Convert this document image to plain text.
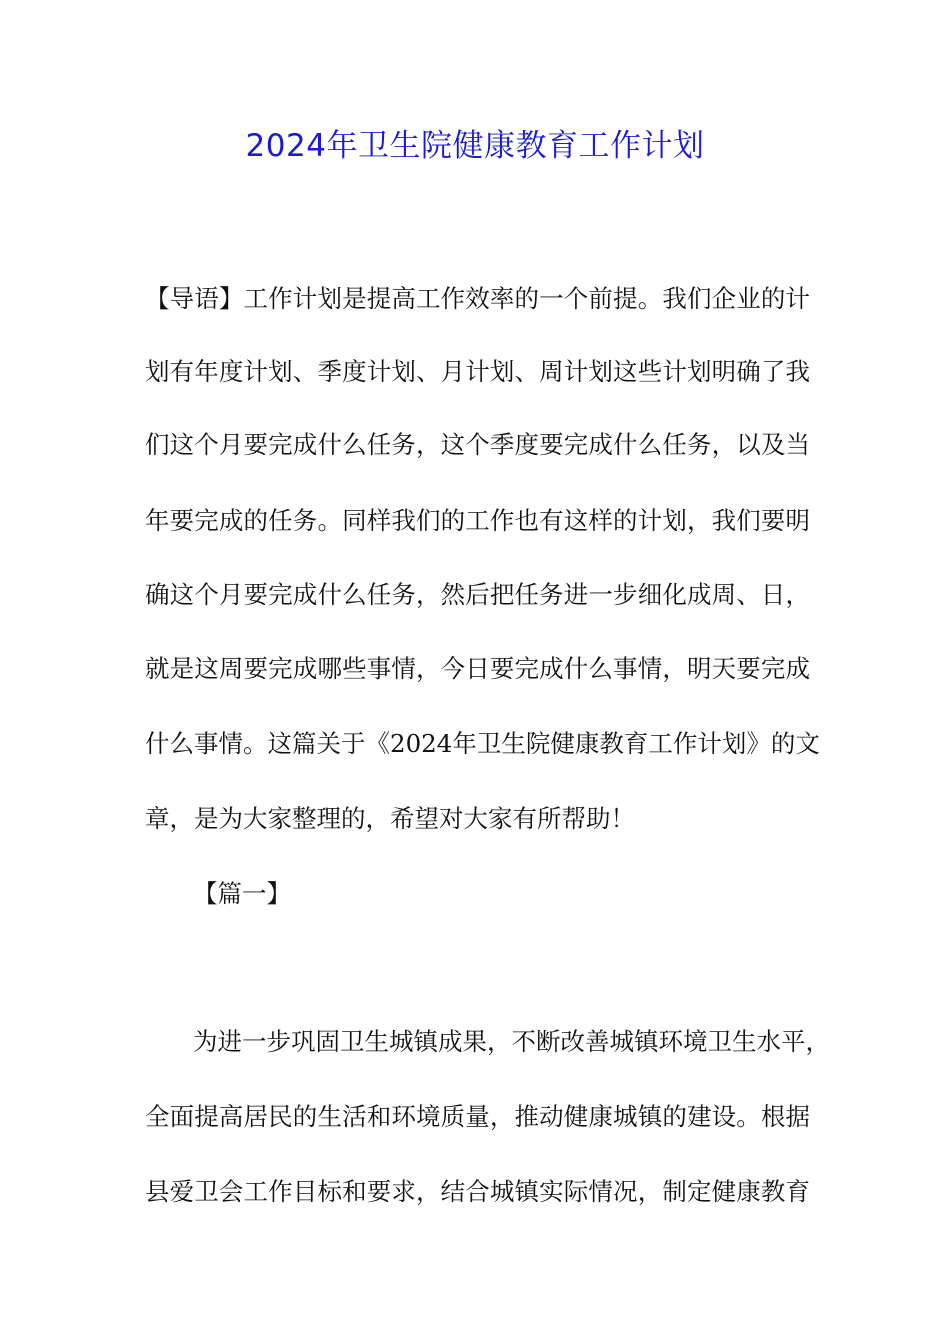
2024年卫生院健康教育工作计划
【导语】工作计划是提高工作效率的一个前提。我们企业的计
划有年度计划、季度计划、月计划、周计划这些计划明确了我
们这个月要完成什么任务，这个季度要完成什么任务，以及当
年要完成的任务。同样我们的工作也有这样的计划，我们要明
确这个月要完成什么任务，然后把任务进一步细化成周、日，
就是这周要完成哪些事情，今日要完成什么事情，明天要完成
什么事情。这篇关于《2024年卫生院健康教育工作计划》的文
章，是为大家整理的，希望对大家有所帮助！
【篇一】
为进一步巩固卫生城镇成果，不断改善城镇环境卫生水平，
全面提高居民的生活和环境质量，推动健康城镇的建设。根据
县爱卫会工作目标和要求，结合城镇实际情况，制定健康教育
